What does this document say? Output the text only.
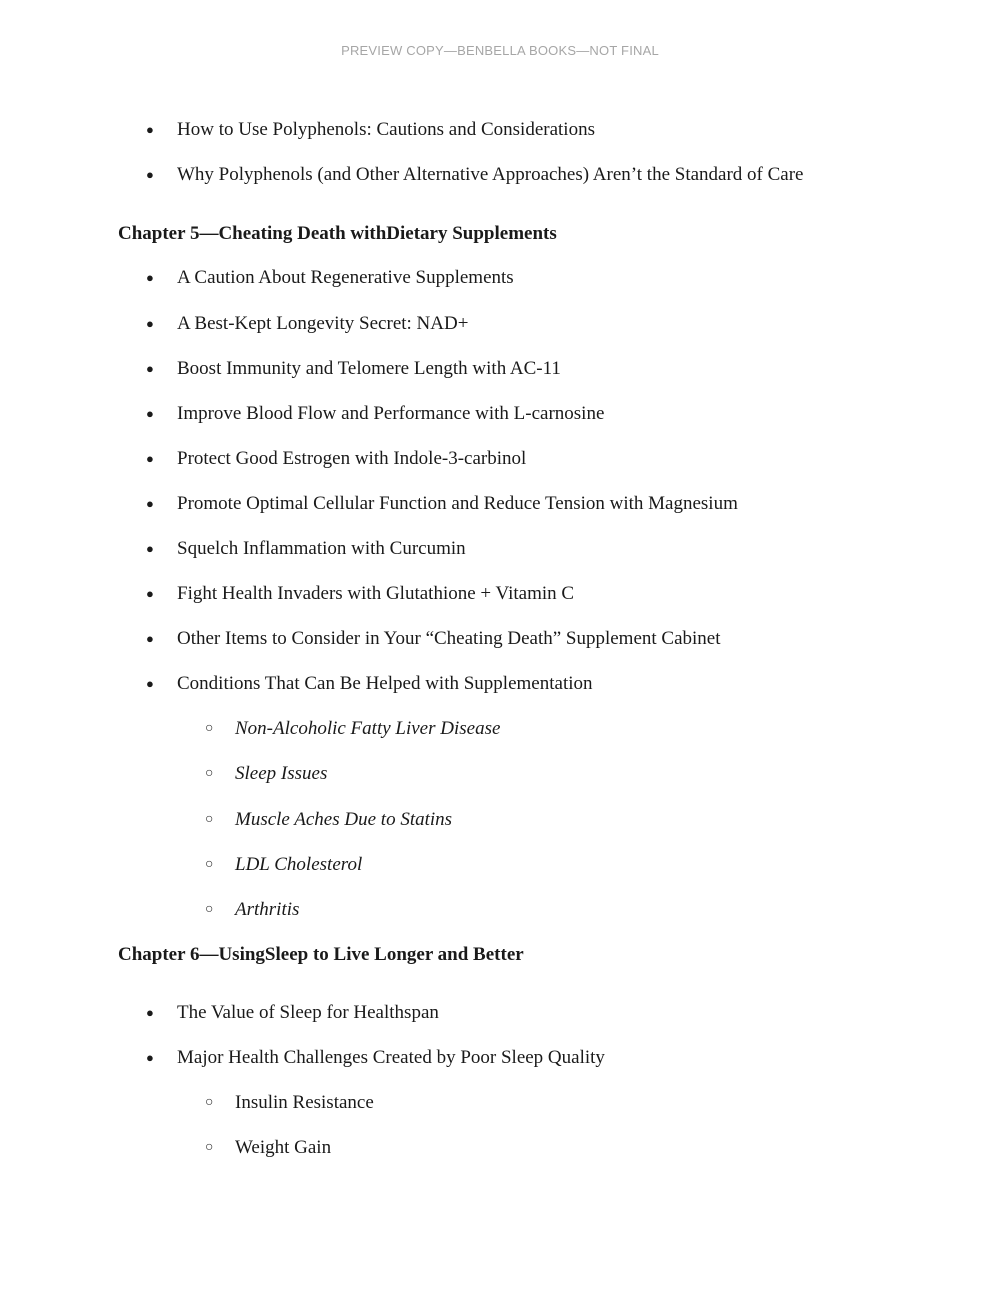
PREVIEW COPY—BENBELLA BOOKS—NOT FINAL
● How to Use Polyphenols: Cautions and Considerations
● Why Polyphenols (and Other Alternative Approaches) Aren’t the Standard of Care
Chapter 5—Cheating Death withDietary Supplements
● A Caution About Regenerative Supplements
● A Best-Kept Longevity Secret: NAD+
● Boost Immunity and Telomere Length with AC-11
● Improve Blood Flow and Performance with L-carnosine
● Protect Good Estrogen with Indole-3-carbinol
● Promote Optimal Cellular Function and Reduce Tension with Magnesium
● Squelch Inflammation with Curcumin
● Fight Health Invaders with Glutathione + Vitamin C
● Other Items to Consider in Your “Cheating Death” Supplement Cabinet
● Conditions That Can Be Helped with Supplementation
○ Non-Alcoholic Fatty Liver Disease
○ Sleep Issues
○ Muscle Aches Due to Statins
○ LDL Cholesterol
○ Arthritis
Chapter 6—UsingSleep to Live Longer and Better
● The Value of Sleep for Healthspan
● Major Health Challenges Created by Poor Sleep Quality
○ Insulin Resistance
○ Weight Gain
